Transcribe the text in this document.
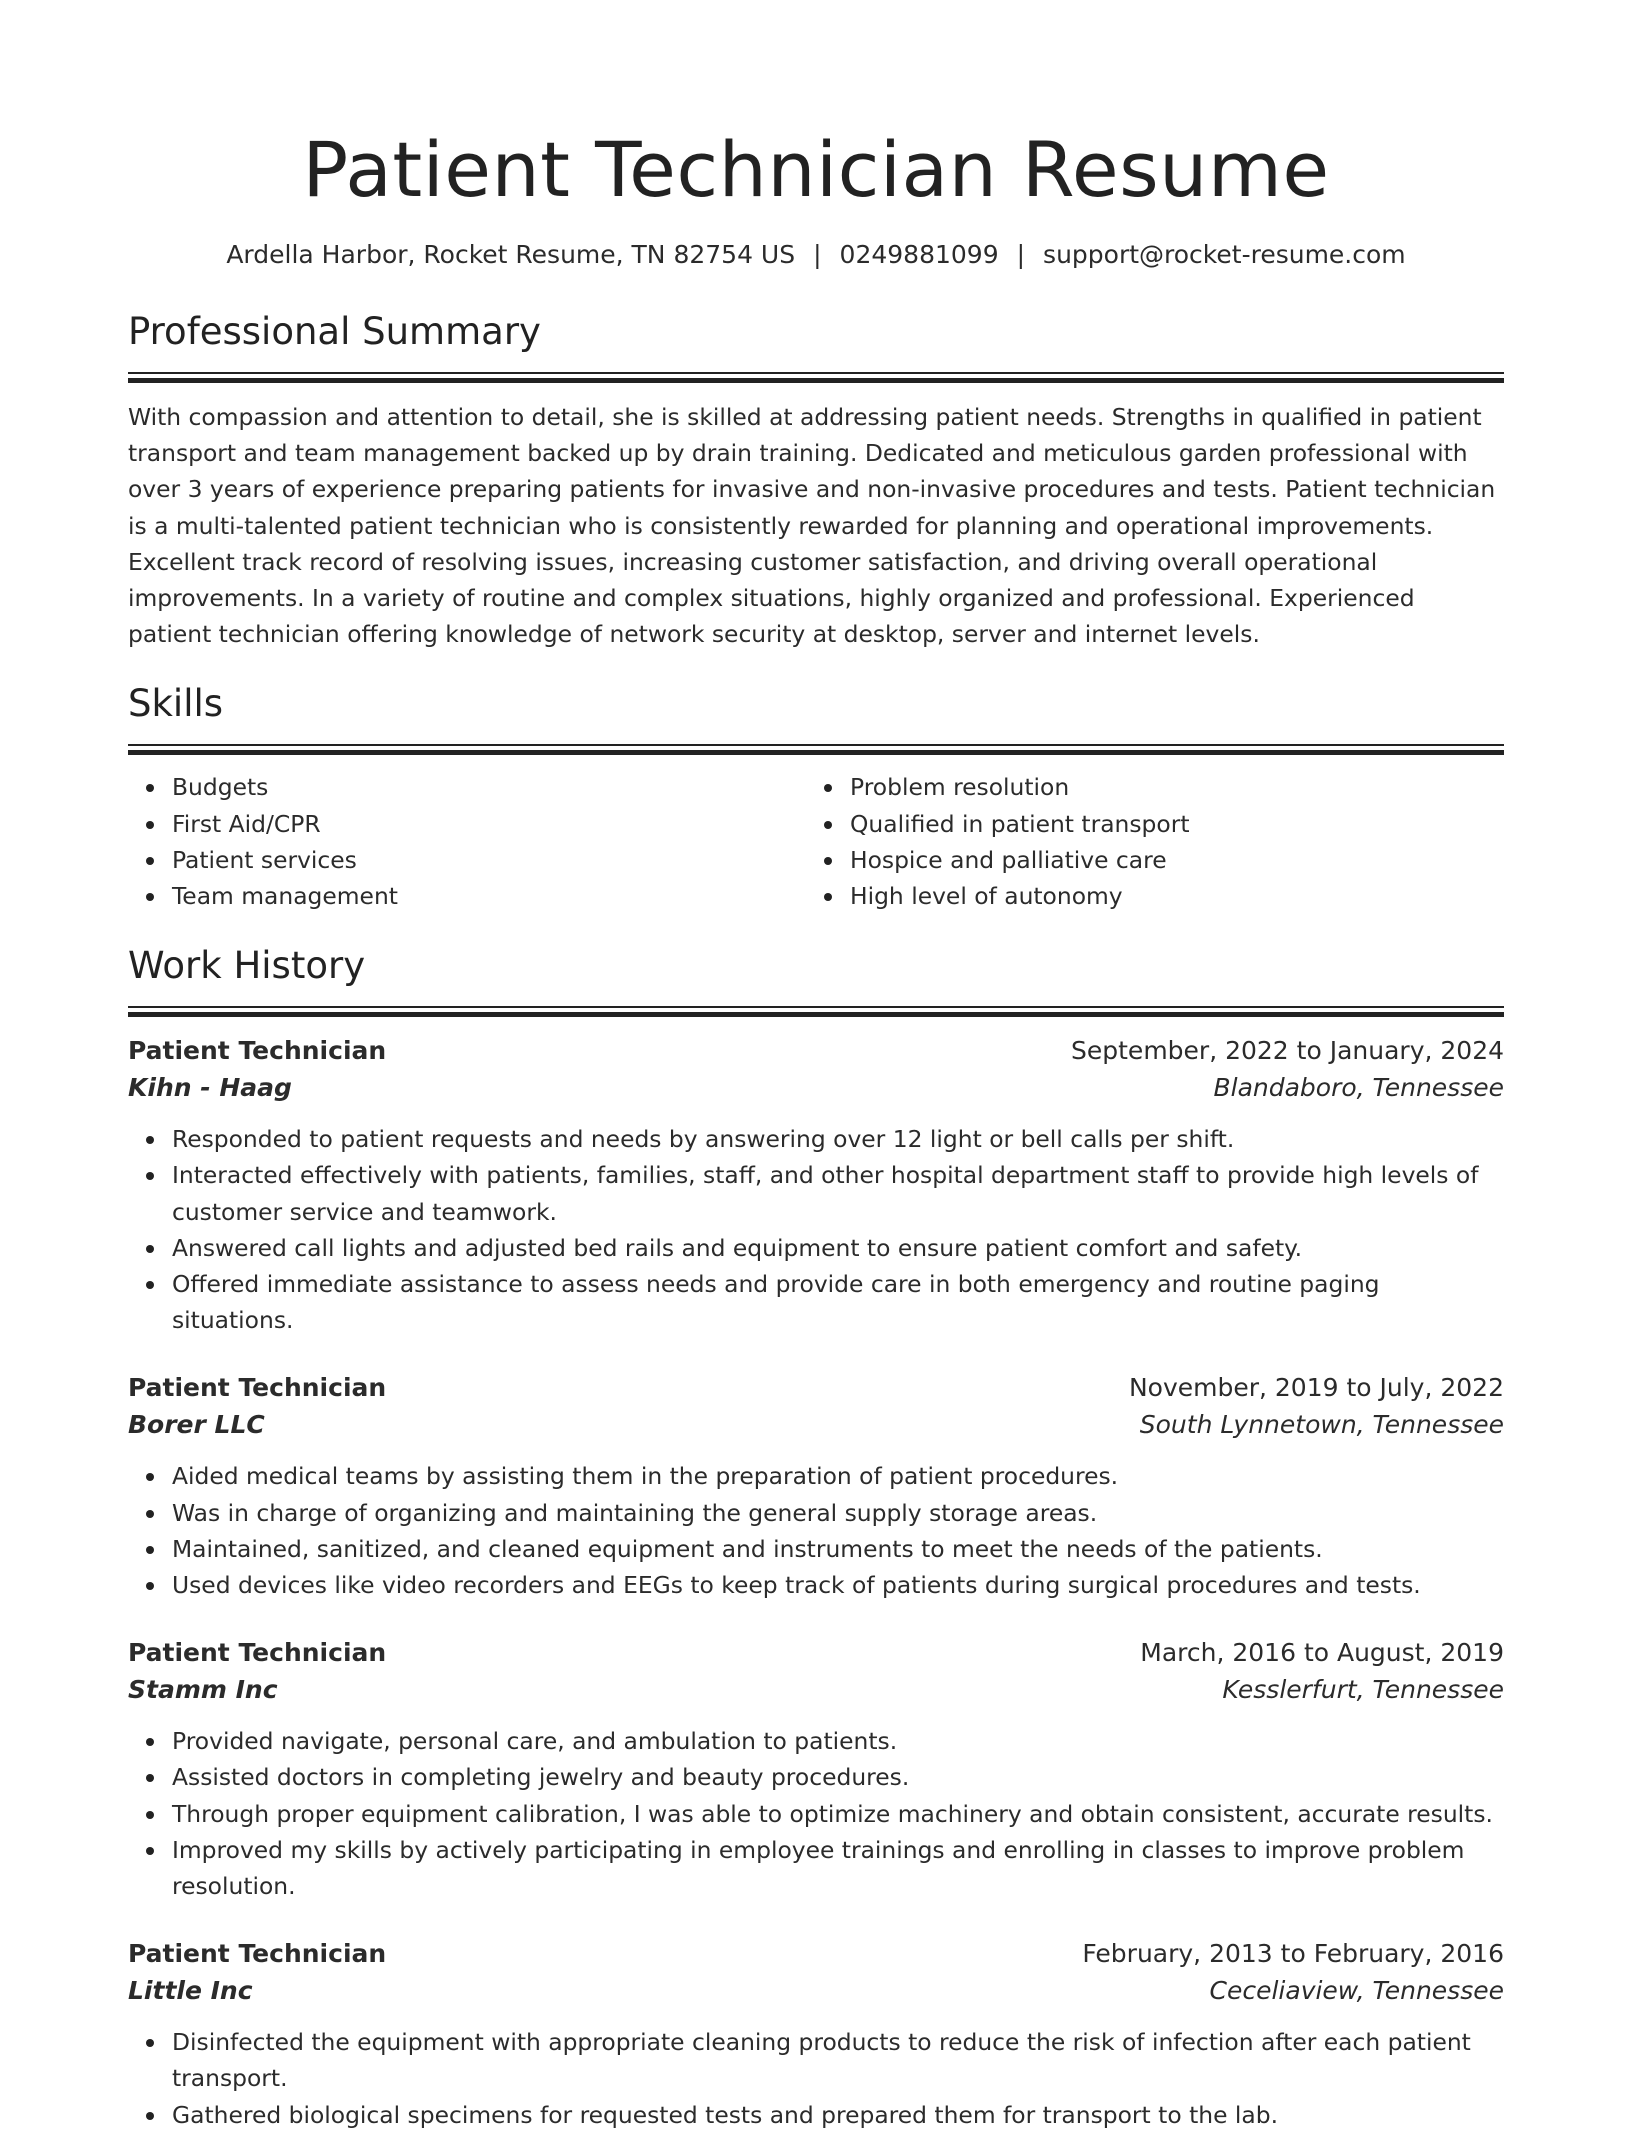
Patient Technician Resume
Ardella Harbor, Rocket Resume, TN 82754 US | 0249881099 | support@rocket-resume.com
Professional Summary

With compassion and attention to detail, she is skilled at addressing patient needs. Strengths in qualified in patient transport and team management backed up by drain training. Dedicated and meticulous garden professional with over 3 years of experience preparing patients for invasive and non-invasive procedures and tests. Patient technician is a multi-talented patient technician who is consistently rewarded for planning and operational improvements. Excellent track record of resolving issues, increasing customer satisfaction, and driving overall operational improvements. In a variety of routine and complex situations, highly organized and professional. Experienced patient technician offering knowledge of network security at desktop, server and internet levels.

Skills
Budgets
First Aid/CPR
Patient services
Team management
Problem resolution
Qualified in patient transport
Hospice and palliative care
High level of autonomy
Work History
Patient Technician	September, 2022 to January, 2024
Kihn - Haag	Blandaboro, Tennessee
Responded to patient requests and needs by answering over 12 light or bell calls per shift.
Interacted effectively with patients, families, staff, and other hospital department staff to provide high levels of customer service and teamwork.
Answered call lights and adjusted bed rails and equipment to ensure patient comfort and safety.
Offered immediate assistance to assess needs and provide care in both emergency and routine paging situations.
Patient Technician	November, 2019 to July, 2022
Borer LLC	South Lynnetown, Tennessee
Aided medical teams by assisting them in the preparation of patient procedures.
Was in charge of organizing and maintaining the general supply storage areas.
Maintained, sanitized, and cleaned equipment and instruments to meet the needs of the patients.
Used devices like video recorders and EEGs to keep track of patients during surgical procedures and tests.
Patient Technician	March, 2016 to August, 2019
Stamm Inc	Kesslerfurt, Tennessee
Provided navigate, personal care, and ambulation to patients.
Assisted doctors in completing jewelry and beauty procedures.
Through proper equipment calibration, I was able to optimize machinery and obtain consistent, accurate results.
Improved my skills by actively participating in employee trainings and enrolling in classes to improve problem resolution.
Patient Technician	February, 2013 to February, 2016
Little Inc	Ceceliaview, Tennessee
Disinfected the equipment with appropriate cleaning products to reduce the risk of infection after each patient transport.
Gathered biological specimens for requested tests and prepared them for transport to the lab.
